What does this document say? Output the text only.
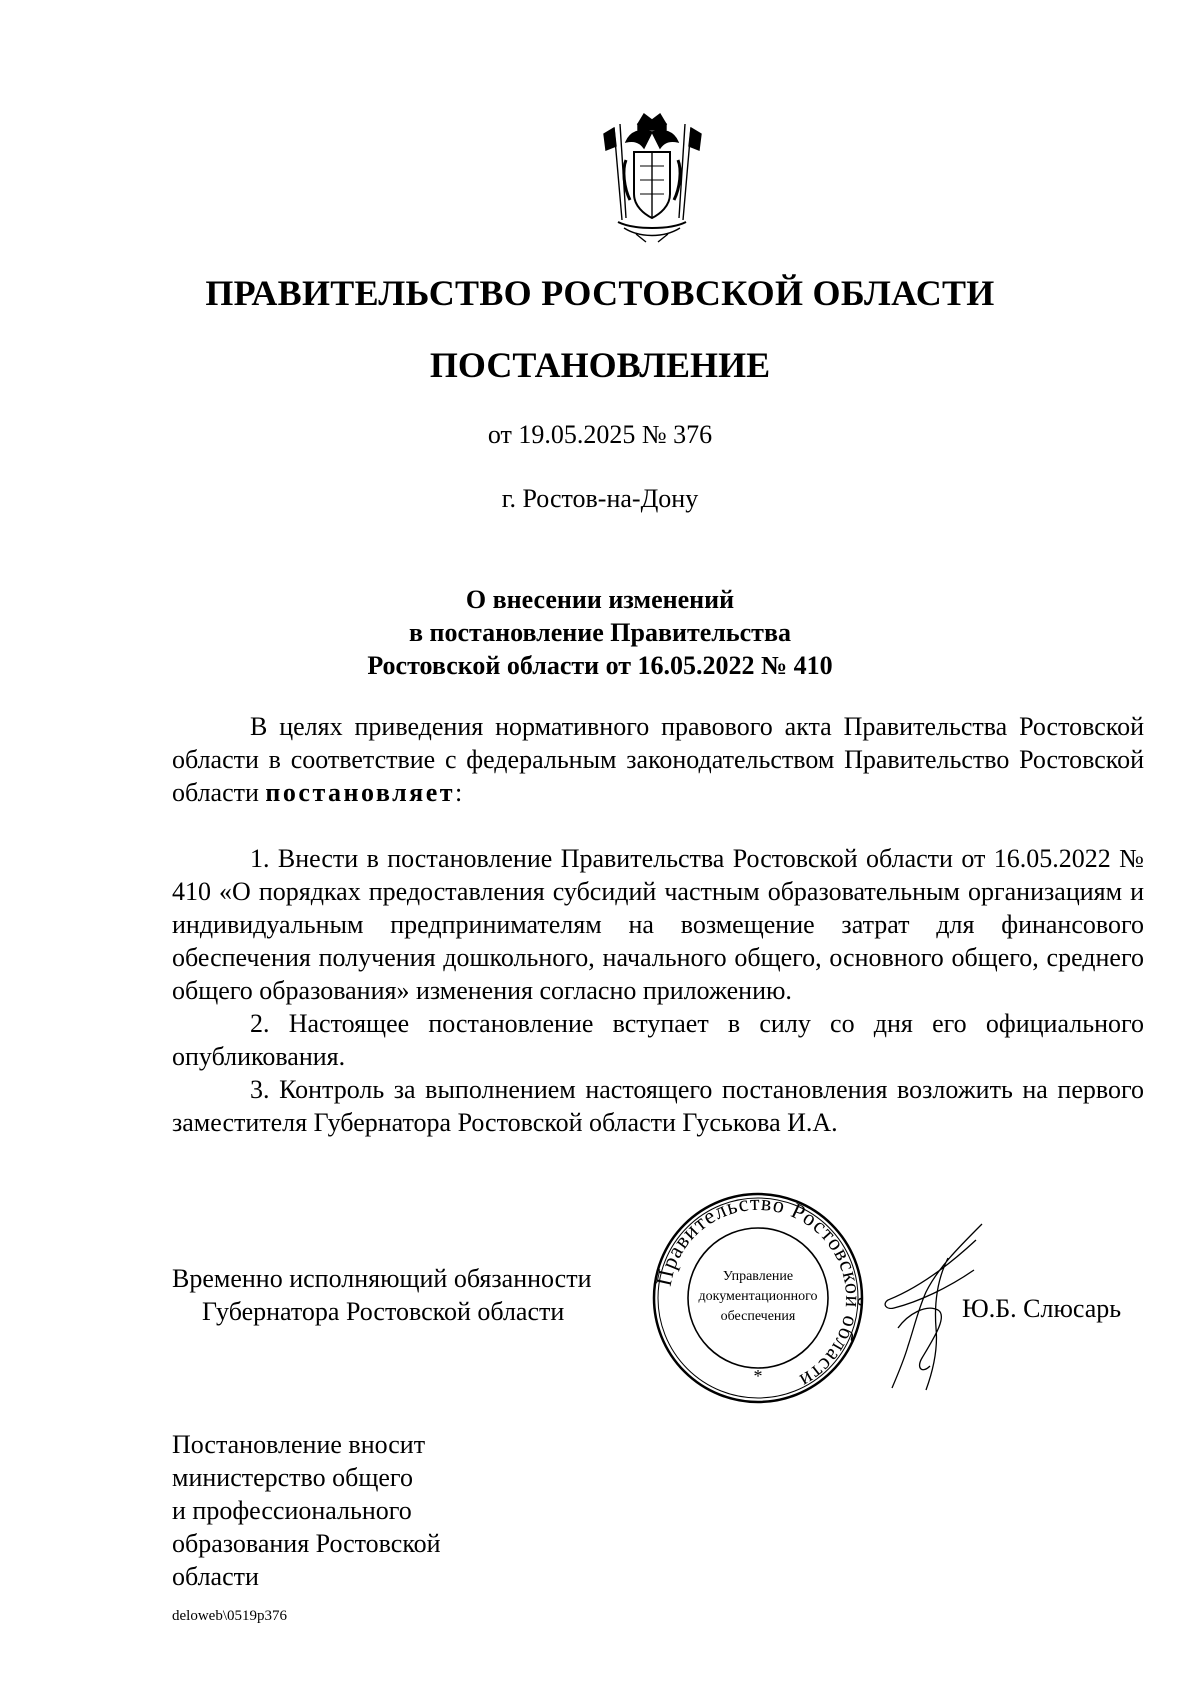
ПРАВИТЕЛЬСТВО РОСТОВСКОЙ ОБЛАСТИ
ПОСТАНОВЛЕНИЕ
от 19.05.2025 № 376
г. Ростов-на-Дону
О внесении изменений
в постановление Правительства
Ростовской области от 16.05.2022 № 410

В целях приведения нормативного правового акта Правительства Ростовской области в соответствие с федеральным законодательством Правительство Ростовской области постановляет:

1. Внести в постановление Правительства Ростовской области от 16.05.2022 № 410 «О порядках предоставления субсидий частным образовательным организациям и индивидуальным предпринимателям на возмещение затрат для финансового обеспечения получения дошкольного, начального общего, основного общего, среднего общего образования» изменения согласно приложению.

2. Настоящее постановление вступает в силу со дня его официального опубликования.

3. Контроль за выполнением настоящего постановления возложить на первого заместителя Губернатора Ростовской области Гуськова И.А.

Временно исполняющий обязанности
Губернатора Ростовской области
Правительство Ростовской области
Управление
документационного
обеспечения
*
Ю.Б. Слюсарь
Постановление вносит
министерство общего
и профессионального
образования Ростовской
области
deloweb\0519p376
